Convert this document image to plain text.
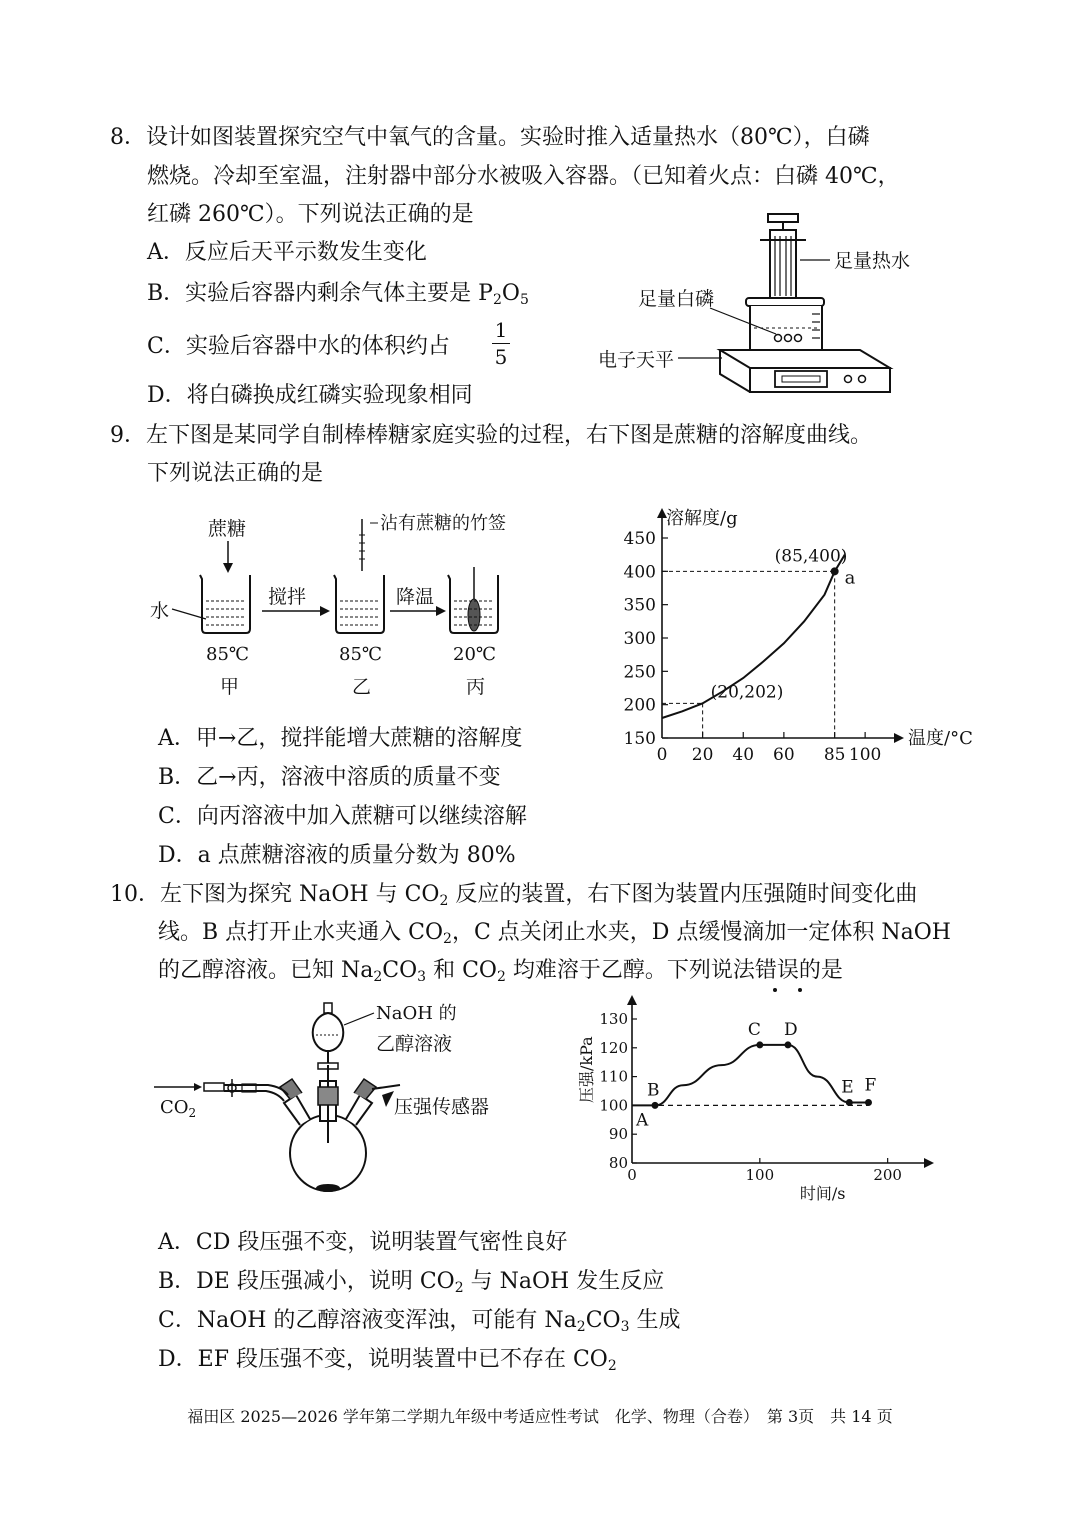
8．设计如图装置探究空气中氧气的含量。实验时推入适量热水（80℃），白磷
燃烧。冷却至室温，注射器中部分水被吸入容器。（已知着火点：白磷 40℃，
红磷 260℃）。下列说法正确的是
A．反应后天平示数发生变化
B．实验后容器内剩余气体主要是 $P_2O_5$
C．实验后容器中水的体积约占
1
5
D．将白磷换成红磷实验现象相同
足量热水
足量白磷
电子天平
9．左下图是某同学自制棒棒糖家庭实验的过程，右下图是蔗糖的溶解度曲线。
下列说法正确的是
蔗糖
水
搅拌
沾有蔗糖的竹签
降温
85℃	85℃	20℃
甲	乙	丙
溶解度/g
温度/°C
150
200
250
300
350
400
450
0 20 40 60 85 100
(20,202)
a
(85,400)
A．甲→乙，搅拌能增大蔗糖的溶解度
B．乙→丙，溶液中溶质的质量不变
C．向丙溶液中加入蔗糖可以继续溶解
D．a 点蔗糖溶液的质量分数为 80%
10．左下图为探究 NaOH 与 $CO_2$ 反应的装置，右下图为装置内压强随时间变化曲
线。B 点打开止水夹通入 $CO_2$，C 点关闭止水夹，D 点缓慢滴加一定体积 NaOH
的乙醇溶液。已知 $Na_2CO_3$ 和 $CO_2$ 均难溶于乙醇。下列说法错误的是
NaOH 的
乙醇溶液
压强传感器
$CO_2$
压强/kPa
时间/s
80
90
100
110
120
130
0	100	200
A
B
C D
E F
A．CD 段压强不变，说明装置气密性良好
B．DE 段压强减小，说明 $CO_2$ 与 NaOH 发生反应
C．NaOH 的乙醇溶液变浑浊，可能有 $Na_2CO_3$ 生成
D．EF 段压强不变，说明装置中已不存在 $CO_2$
福田区 2025—2026 学年第二学期九年级中考适应性考试　化学、物理（合卷）　第 3页　共 14 页
